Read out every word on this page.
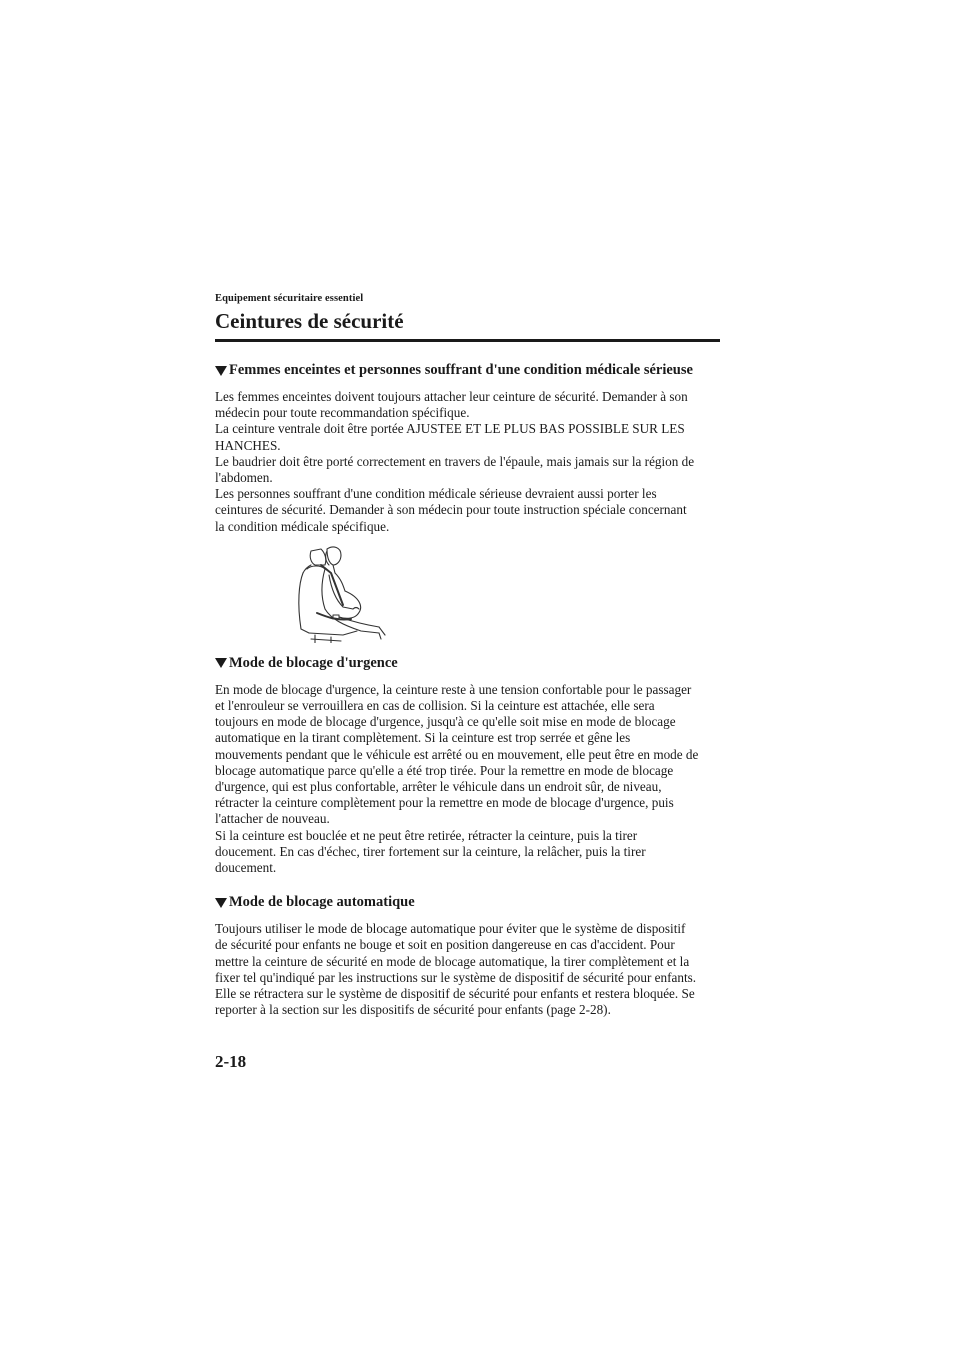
Equipement sécuritaire essentiel
Ceintures de sécurité
Femmes enceintes et personnes souffrant d'une condition médicale sérieuse

Les femmes enceintes doivent toujours attacher leur ceinture de sécurité. Demander à son
médecin pour toute recommandation spécifique.
La ceinture ventrale doit être portée AJUSTEE ET LE PLUS BAS POSSIBLE SUR LES
HANCHES.
Le baudrier doit être porté correctement en travers de l'épaule, mais jamais sur la région de
l'abdomen.
Les personnes souffrant d'une condition médicale sérieuse devraient aussi porter les
ceintures de sécurité. Demander à son médecin pour toute instruction spéciale concernant
la condition médicale spécifique.

Mode de blocage d'urgence

En mode de blocage d'urgence, la ceinture reste à une tension confortable pour le passager
et l'enrouleur se verrouillera en cas de collision. Si la ceinture est attachée, elle sera
toujours en mode de blocage d'urgence, jusqu'à ce qu'elle soit mise en mode de blocage
automatique en la tirant complètement. Si la ceinture est trop serrée et gêne les
mouvements pendant que le véhicule est arrêté ou en mouvement, elle peut être en mode de
blocage automatique parce qu'elle a été trop tirée. Pour la remettre en mode de blocage
d'urgence, qui est plus confortable, arrêter le véhicule dans un endroit sûr, de niveau,
rétracter la ceinture complètement pour la remettre en mode de blocage d'urgence, puis
l'attacher de nouveau.
Si la ceinture est bouclée et ne peut être retirée, rétracter la ceinture, puis la tirer
doucement. En cas d'échec, tirer fortement sur la ceinture, la relâcher, puis la tirer
doucement.

Mode de blocage automatique

Toujours utiliser le mode de blocage automatique pour éviter que le système de dispositif
de sécurité pour enfants ne bouge et soit en position dangereuse en cas d'accident. Pour
mettre la ceinture de sécurité en mode de blocage automatique, la tirer complètement et la
fixer tel qu'indiqué par les instructions sur le système de dispositif de sécurité pour enfants.
Elle se rétractera sur le système de dispositif de sécurité pour enfants et restera bloquée. Se
reporter à la section sur les dispositifs de sécurité pour enfants (page 2-28).

2-18
